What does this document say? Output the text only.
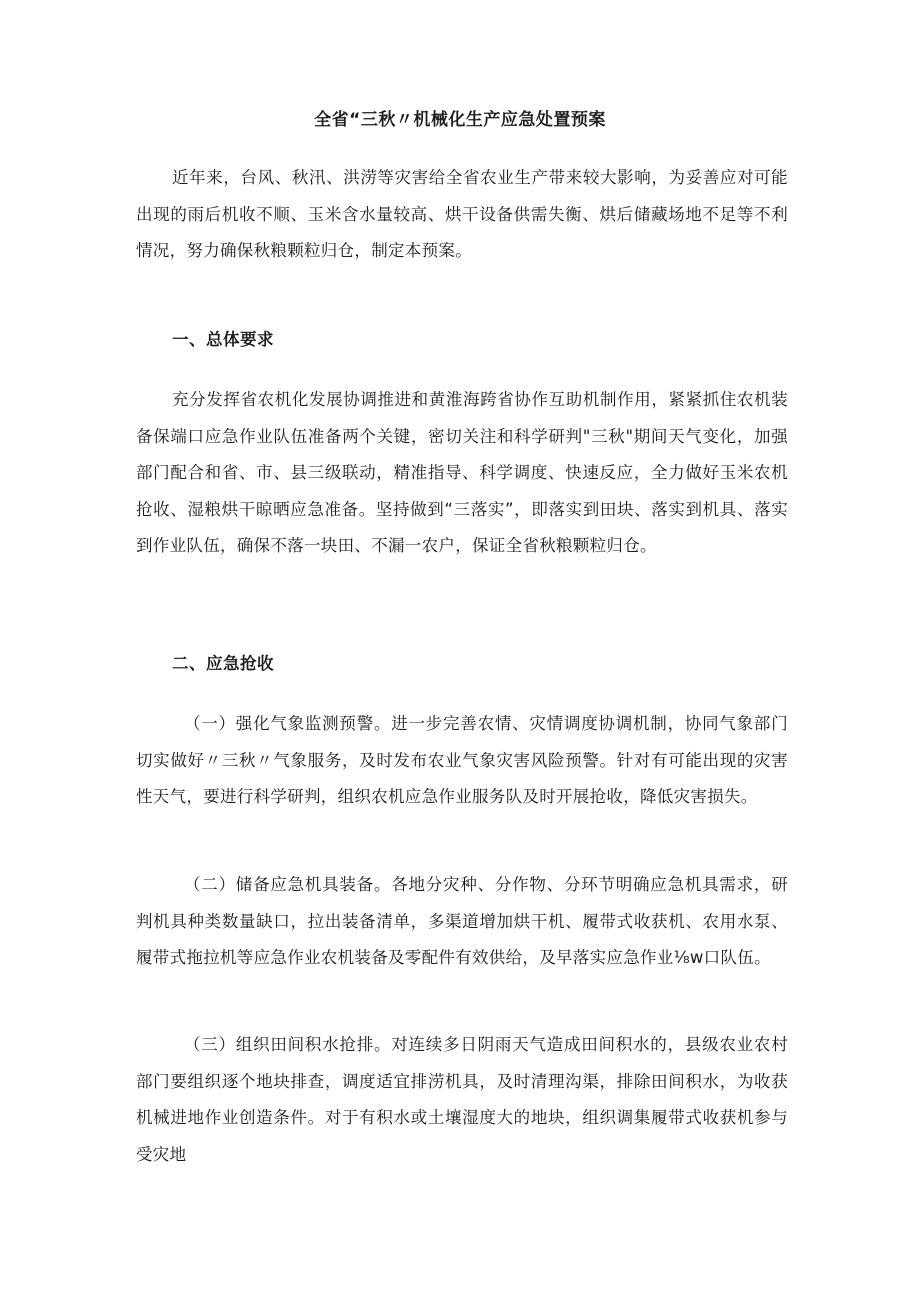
全省“三秋〃机械化生产应急处置预案

近年来，台风、秋汛、洪涝等灾害给全省农业生产带来较大影响，为妥善应对可能出现的雨后机收不顺、玉米含水量较高、烘干设备供需失衡、烘后储藏场地不足等不利情况，努力确保秋粮颗粒归仓，制定本预案。

一、总体要求

充分发挥省农机化发展协调推进和黄淮海跨省协作互助机制作用，紧紧抓住农机装备保端口应急作业队伍准备两个关键，密切关注和科学研判"三秋"期间天气变化，加强部门配合和省、市、县三级联动，精准指导、科学调度、快速反应，全力做好玉米农机抢收、湿粮烘干晾晒应急准备。坚持做到“三落实”，即落实到田块、落实到机具、落实到作业队伍，确保不落一块田、不漏一农户，保证全省秋粮颗粒归仓。

二、应急抢收

（一）强化气象监测预警。进一步完善农情、灾情调度协调机制，协同气象部门切实做好〃三秋〃气象服务，及时发布农业气象灾害风险预警。针对有可能出现的灾害性天气，要进行科学研判，组织农机应急作业服务队及时开展抢收，降低灾害损失。

（二）储备应急机具装备。各地分灾种、分作物、分环节明确应急机具需求，研判机具种类数量缺口，拉出装备清单，多渠道增加烘干机、履带式收获机、农用水泵、履带式拖拉机等应急作业农机装备及零配件有效供给，及早落实应急作业⅛w口队伍。

（三）组织田间积水抢排。对连续多日阴雨天气造成田间积水的，县级农业农村部门要组织逐个地块排查，调度适宜排涝机具，及时清理沟渠，排除田间积水，为收获机械进地作业创造条件。对于有积水或土壤湿度大的地块，组织调集履带式收获机参与受灾地
